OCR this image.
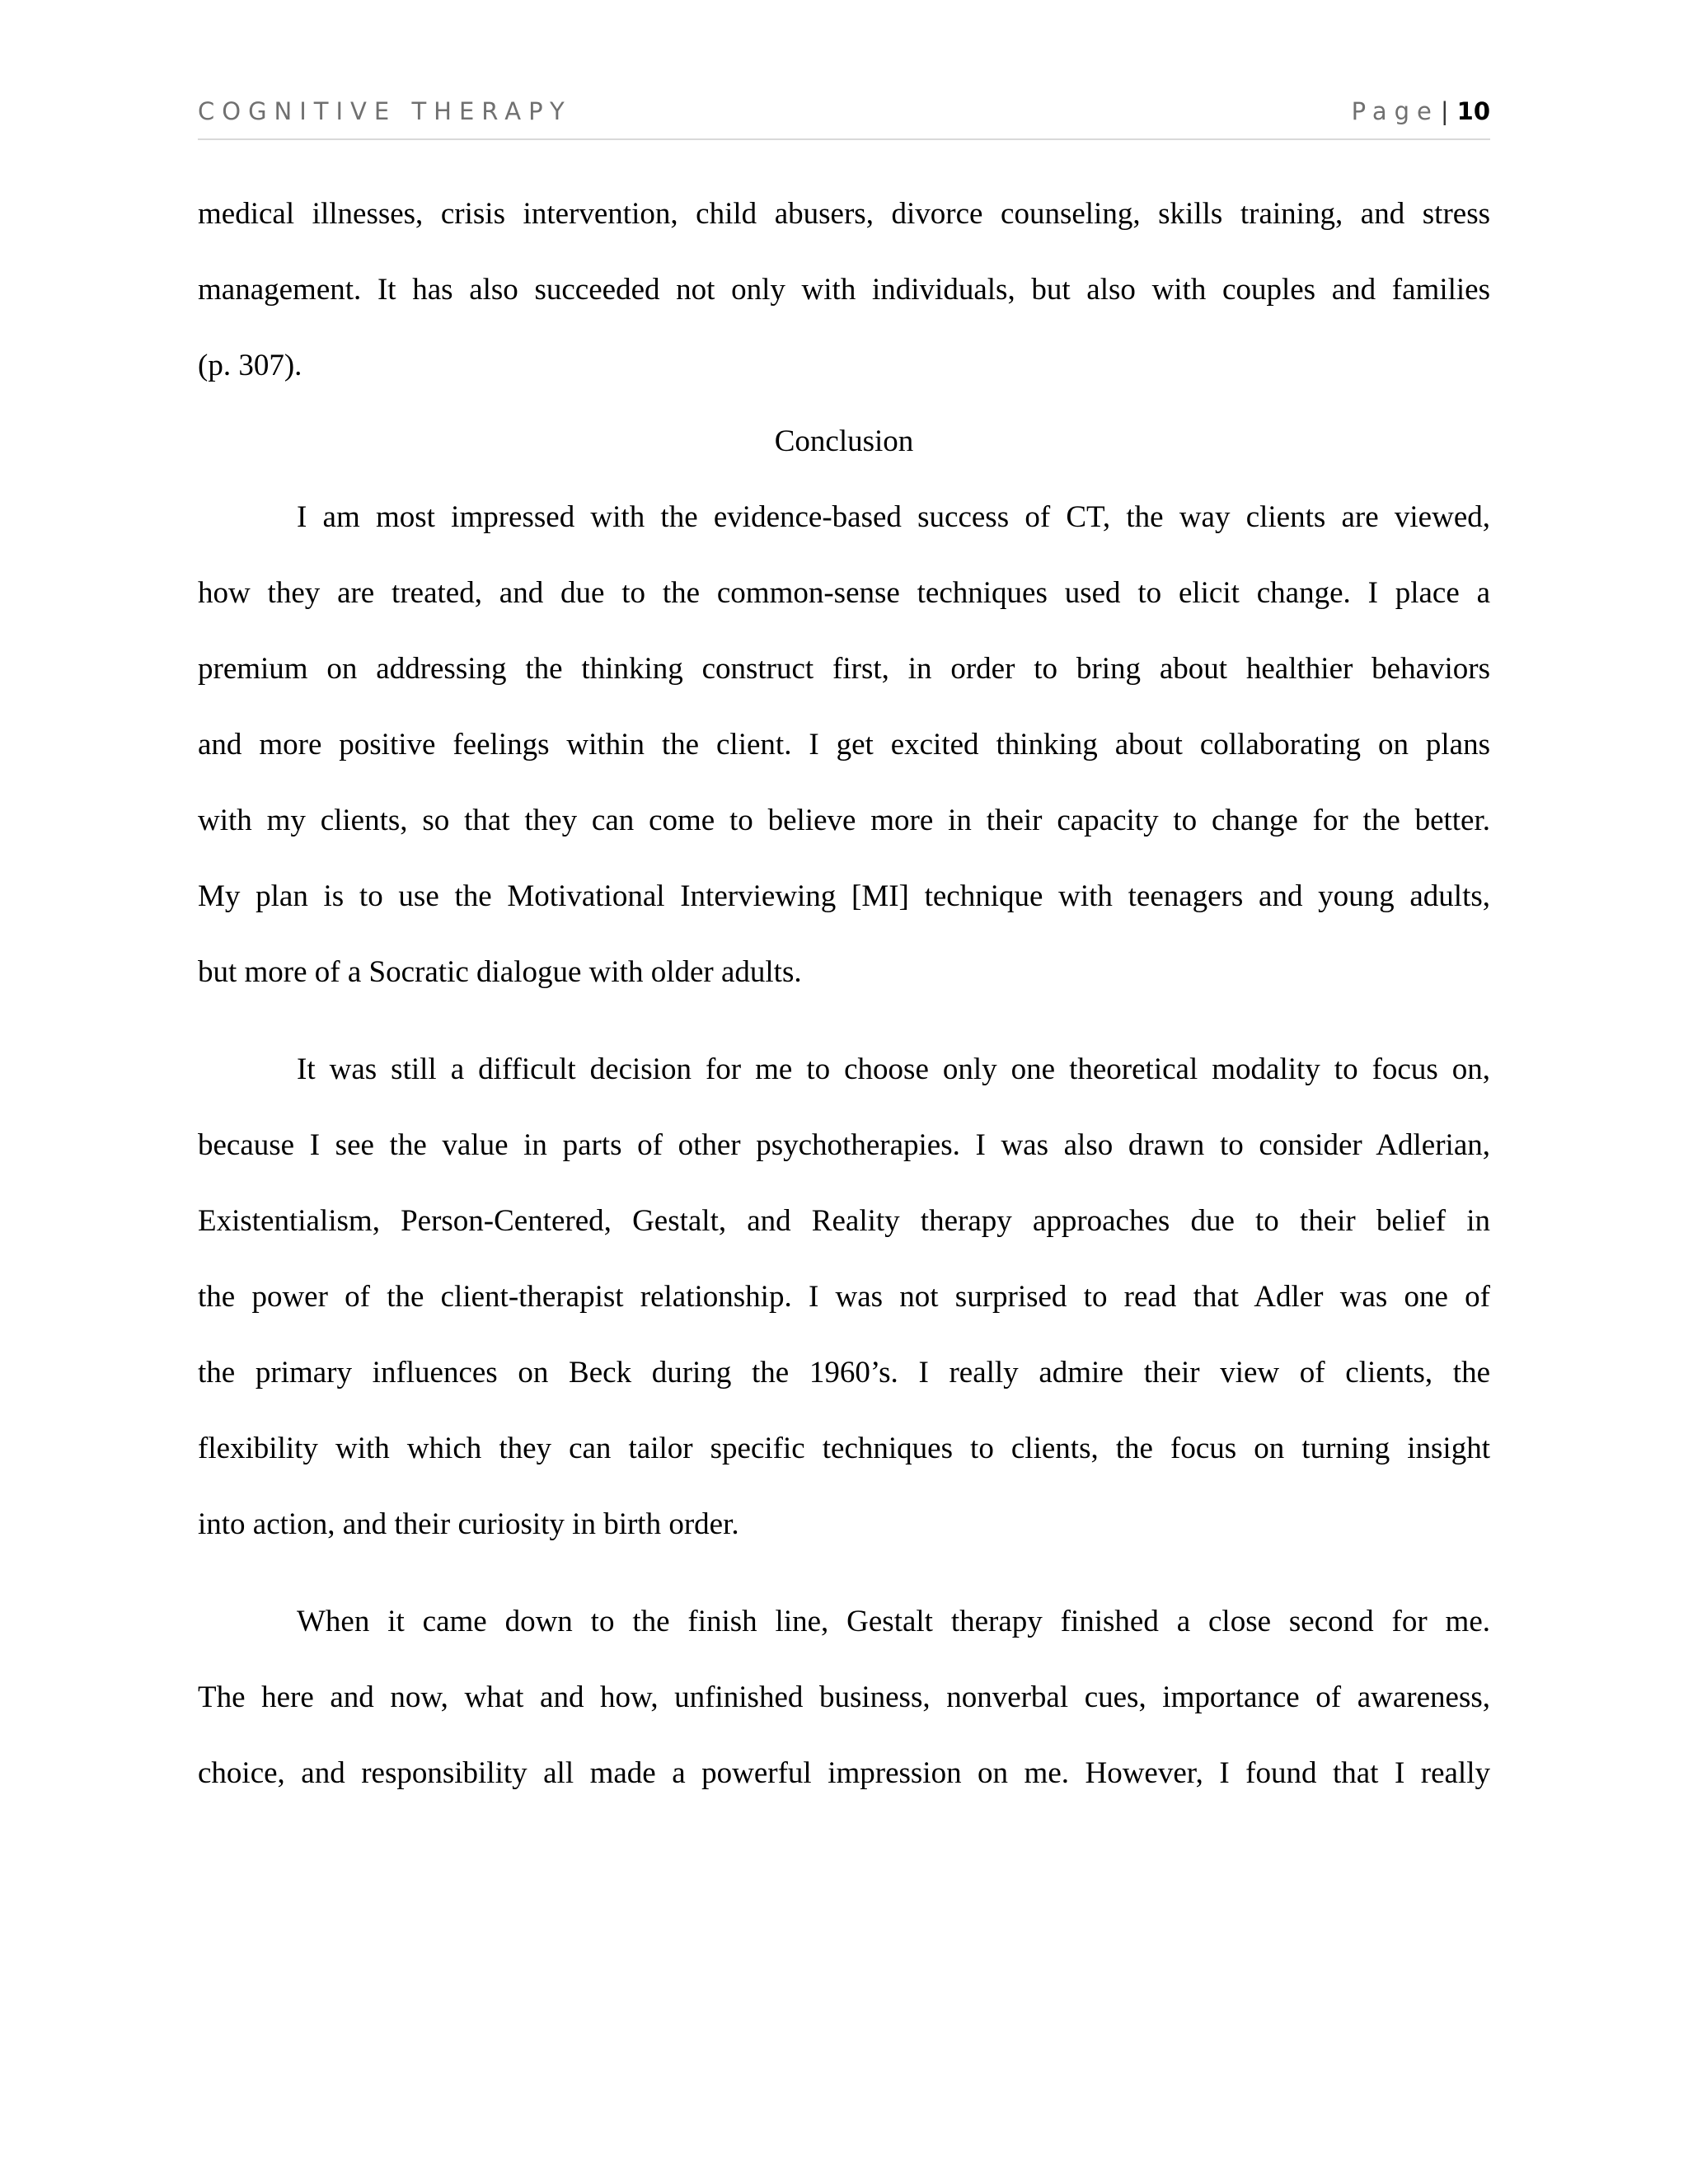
COGNITIVE THERAPY	Page| 10
medical illnesses, crisis intervention, child abusers, divorce counseling, skills training, and stress
management. It has also succeeded not only with individuals, but also with couples and families
(p. 307).
Conclusion
I am most impressed with the evidence-based success of CT, the way clients are viewed,
how they are treated, and due to the common-sense techniques used to elicit change. I place a
premium on addressing the thinking construct first, in order to bring about healthier behaviors
and more positive feelings within the client. I get excited thinking about collaborating on plans
with my clients, so that they can come to believe more in their capacity to change for the better.
My plan is to use the Motivational Interviewing [MI] technique with teenagers and young adults,
but more of a Socratic dialogue with older adults.
It was still a difficult decision for me to choose only one theoretical modality to focus on,
because I see the value in parts of other psychotherapies. I was also drawn to consider Adlerian,
Existentialism, Person-Centered, Gestalt, and Reality therapy approaches due to their belief in
the power of the client-therapist relationship. I was not surprised to read that Adler was one of
the primary influences on Beck during the 1960’s. I really admire their view of clients, the
flexibility with which they can tailor specific techniques to clients, the focus on turning insight
into action, and their curiosity in birth order.
When it came down to the finish line, Gestalt therapy finished a close second for me.
The here and now, what and how, unfinished business, nonverbal cues, importance of awareness,
choice, and responsibility all made a powerful impression on me. However, I found that I really
